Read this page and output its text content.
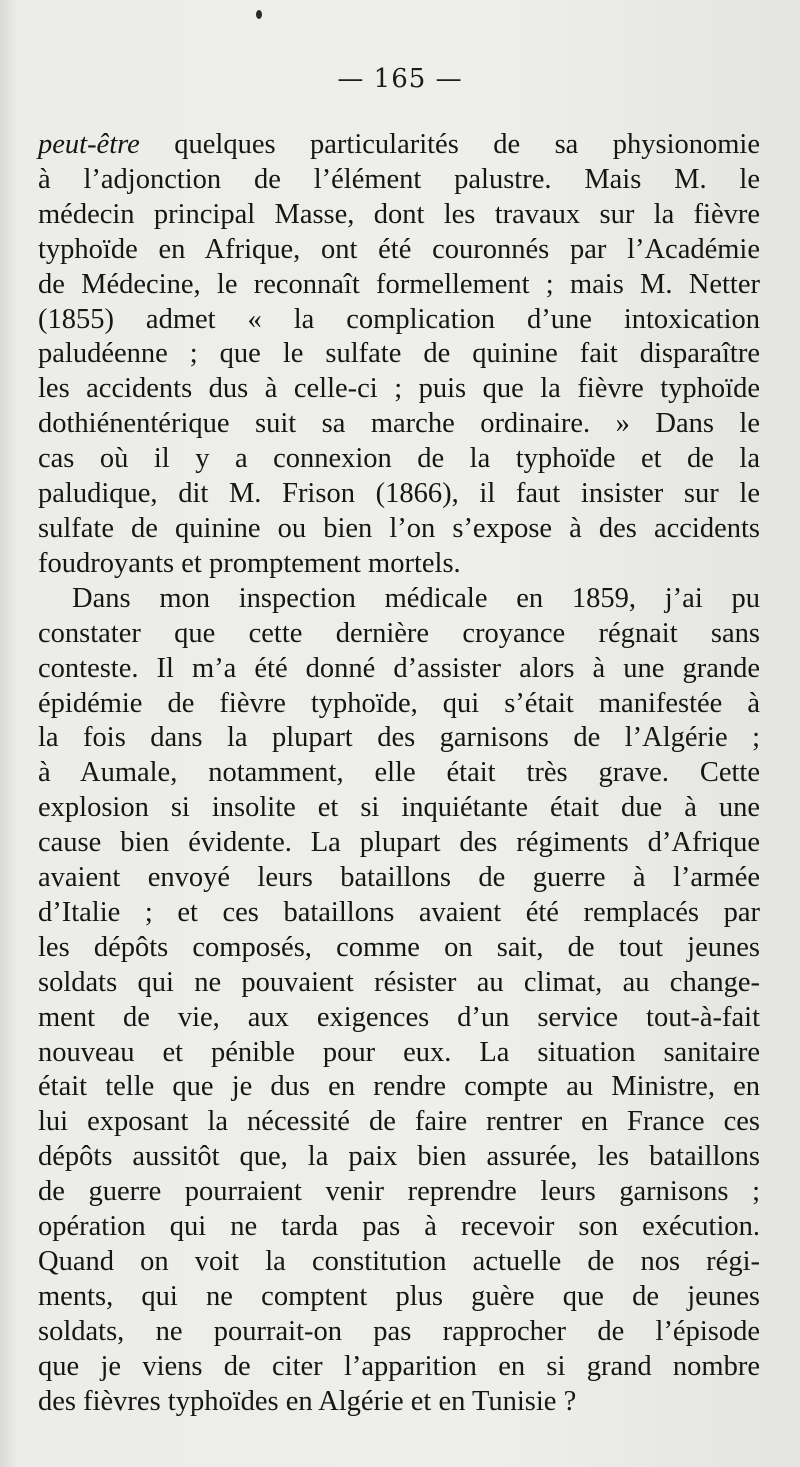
— 165 —
peut-être quelques particularités de sa physionomie
à l’adjonction de l’élément palustre. Mais M. le
médecin principal Masse, dont les travaux sur la fièvre
typhoïde en Afrique, ont été couronnés par l’Académie
de Médecine, le reconnaît formellement ; mais M. Netter
(1855) admet « la complication d’une intoxication
paludéenne ; que le sulfate de quinine fait disparaître
les accidents dus à celle-ci ; puis que la fièvre typhoïde
dothiénentérique suit sa marche ordinaire. » Dans le
cas où il y a connexion de la typhoïde et de la
paludique, dit M. Frison (1866), il faut insister sur le
sulfate de quinine ou bien l’on s’expose à des accidents
foudroyants et promptement mortels.
Dans mon inspection médicale en 1859, j’ai pu
constater que cette dernière croyance régnait sans
conteste. Il m’a été donné d’assister alors à une grande
épidémie de fièvre typhoïde, qui s’était manifestée à
la fois dans la plupart des garnisons de l’Algérie ;
à Aumale, notamment, elle était très grave. Cette
explosion si insolite et si inquiétante était due à une
cause bien évidente. La plupart des régiments d’Afrique
avaient envoyé leurs bataillons de guerre à l’armée
d’Italie ; et ces bataillons avaient été remplacés par
les dépôts composés, comme on sait, de tout jeunes
soldats qui ne pouvaient résister au climat, au change-
ment de vie, aux exigences d’un service tout-à-fait
nouveau et pénible pour eux. La situation sanitaire
était telle que je dus en rendre compte au Ministre, en
lui exposant la nécessité de faire rentrer en France ces
dépôts aussitôt que, la paix bien assurée, les bataillons
de guerre pourraient venir reprendre leurs garnisons ;
opération qui ne tarda pas à recevoir son exécution.
Quand on voit la constitution actuelle de nos régi-
ments, qui ne comptent plus guère que de jeunes
soldats, ne pourrait-on pas rapprocher de l’épisode
que je viens de citer l’apparition en si grand nombre
des fièvres typhoïdes en Algérie et en Tunisie ?
